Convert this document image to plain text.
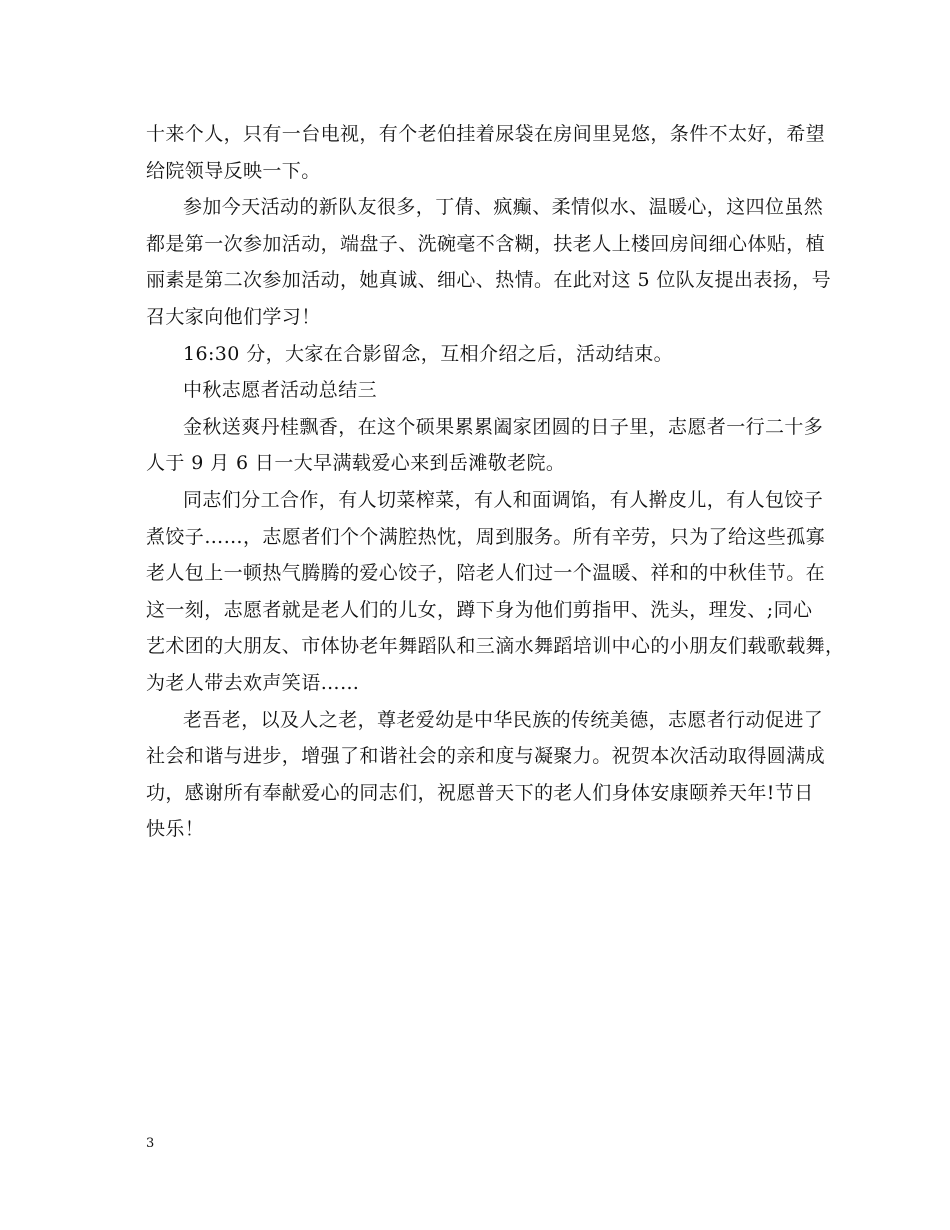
十来个人，只有一台电视，有个老伯挂着尿袋在房间里晃悠，条件不太好，希望
给院领导反映一下。
参加今天活动的新队友很多，丁倩、疯癫、柔情似水、温暖心，这四位虽然
都是第一次参加活动，端盘子、洗碗毫不含糊，扶老人上楼回房间细心体贴，植
丽素是第二次参加活动，她真诚、细心、热情。在此对这 5 位队友提出表扬，号
召大家向他们学习！
16:30 分，大家在合影留念，互相介绍之后，活动结束。
中秋志愿者活动总结三
金秋送爽丹桂飘香，在这个硕果累累阖家团圆的日子里，志愿者一行二十多
人于 9 月 6 日一大早满载爱心来到岳滩敬老院。
同志们分工合作，有人切菜榨菜，有人和面调馅，有人擀皮儿，有人包饺子
煮饺子……，志愿者们个个满腔热忱，周到服务。所有辛劳，只为了给这些孤寡
老人包上一顿热气腾腾的爱心饺子，陪老人们过一个温暖、祥和的中秋佳节。在
这一刻，志愿者就是老人们的儿女，蹲下身为他们剪指甲、洗头，理发、;同心
艺术团的大朋友、市体协老年舞蹈队和三滴水舞蹈培训中心的小朋友们载歌载舞，
为老人带去欢声笑语……
老吾老，以及人之老，尊老爱幼是中华民族的传统美德，志愿者行动促进了
社会和谐与进步，增强了和谐社会的亲和度与凝聚力。祝贺本次活动取得圆满成
功，感谢所有奉献爱心的同志们，祝愿普天下的老人们身体安康颐养天年!节日
快乐！
3
